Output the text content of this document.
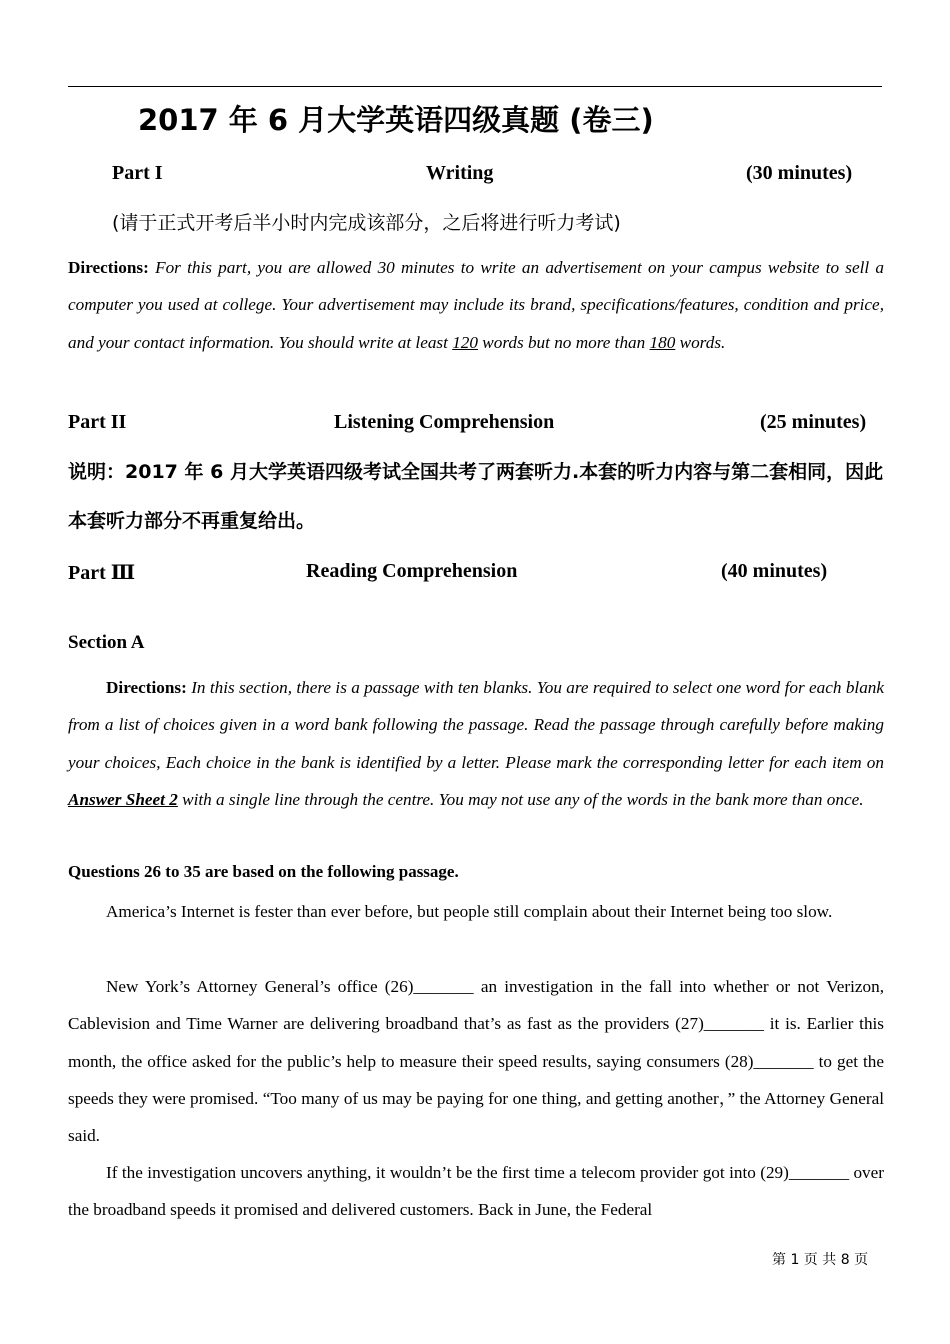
2017 年 6 月大学英语四级真题 (卷三)
Part I	Writing	(30 minutes)
(请于正式开考后半小时内完成该部分，之后将进行听力考试)
Directions: For this part, you are allowed 30 minutes to write an advertisement on your campus website to sell a computer you used at college. Your advertisement may include its brand, specifications/features, condition and price, and your contact information. You should write at least 120 words but no more than 180 words.
Part II	Listening Comprehension	(25 minutes)
说明：2017 年 6 月大学英语四级考试全国共考了两套听力.本套的听力内容与第二套相同，因此本套听力部分不再重复给出。
Part Ⅲ	Reading Comprehension	(40 minutes)
Section A
Directions: In this section, there is a passage with ten blanks. You are required to select one word for each blank from a list of choices given in a word bank following the passage. Read the passage through carefully before making your choices, Each choice in the bank is identified by a letter. Please mark the corresponding letter for each item on Answer Sheet 2 with a single line through the centre. You may not use any of the words in the bank more than once.
Questions 26 to 35 are based on the following passage.
America’s Internet is fester than ever before, but people still complain about their Internet being too slow.
New York’s Attorney General’s office (26)_______ an investigation in the fall into whether or not Verizon, Cablevision and Time Warner are delivering broadband that’s as fast as the providers (27)_______ it is. Earlier this month, the office asked for the public’s help to measure their speed results, saying consumers (28)_______ to get the speeds they were promised. “Too many of us may be paying for one thing, and getting another，” the Attorney General said.
If the investigation uncovers anything, it wouldn’t be the first time a telecom provider got into (29)_______ over the broadband speeds it promised and delivered customers. Back in June, the Federal
第 1 页 共 8 页
